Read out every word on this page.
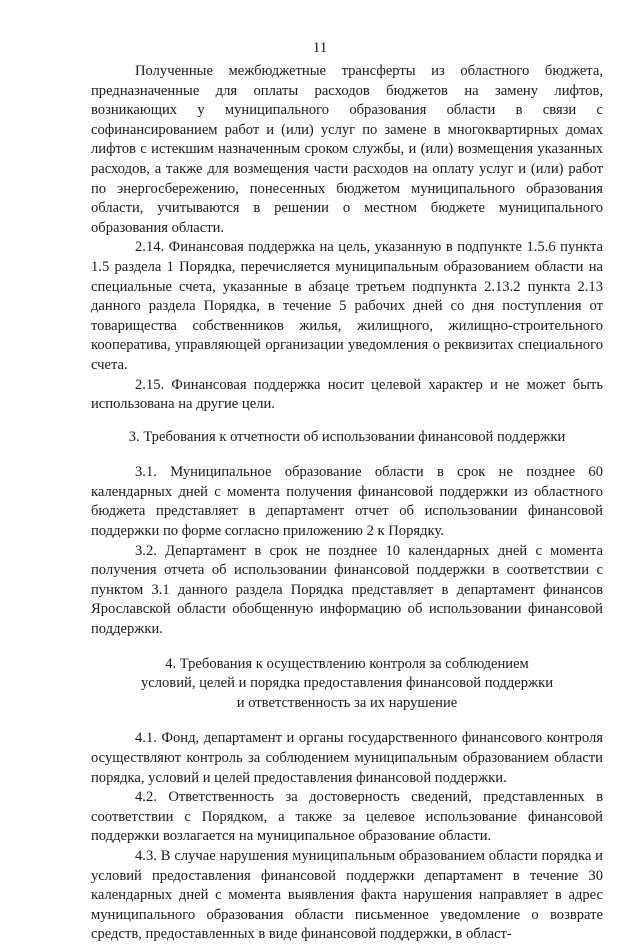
11

Полученные межбюджетные трансферты из областного бюджета, предназначенные для оплаты расходов бюджетов на замену лифтов, возникающих у муниципального образования области в связи с софинансированием работ и (или) услуг по замене в многоквартирных домах лифтов с истекшим назначенным сроком службы, и (или) возмещения указанных расходов, а также для возмещения части расходов на оплату услуг и (или) работ по энергосбережению, понесенных бюджетом муниципального образования области, учитываются в решении о местном бюджете муниципального образования области.

2.14. Финансовая поддержка на цель, указанную в подпункте 1.5.6 пункта 1.5 раздела 1 Порядка, перечисляется муниципальным образованием области на специальные счета, указанные в абзаце третьем подпункта 2.13.2 пункта 2.13 данного раздела Порядка, в течение 5 рабочих дней со дня поступления от товарищества собственников жилья, жилищного, жилищно-строительного кооператива, управляющей организации уведомления о реквизитах специального счета.

2.15. Финансовая поддержка носит целевой характер и не может быть использована на другие цели.

3. Требования к отчетности об использовании финансовой поддержки

3.1. Муниципальное образование области в срок не позднее 60 календарных дней с момента получения финансовой поддержки из областного бюджета представляет в департамент отчет об использовании финансовой поддержки по форме согласно приложению 2 к Порядку.

3.2. Департамент в срок не позднее 10 календарных дней с момента получения отчета об использовании финансовой поддержки в соответствии с пунктом 3.1 данного раздела Порядка представляет в департамент финансов Ярославской области обобщенную информацию об использовании финансовой поддержки.

4. Требования к осуществлению контроля за соблюдением
условий, целей и порядка предоставления финансовой поддержки
и ответственность за их нарушение

4.1. Фонд, департамент и органы государственного финансового контроля осуществляют контроль за соблюдением муниципальным образованием области порядка, условий и целей предоставления финансовой поддержки.

4.2. Ответственность за достоверность сведений, представленных в соответствии с Порядком, а также за целевое использование финансовой поддержки возлагается на муниципальное образование области.

4.3. В случае нарушения муниципальным образованием области порядка и условий предоставления финансовой поддержки департамент в течение 30 календарных дней с момента выявления факта нарушения направляет в адрес муниципального образования области письменное уведомление о возврате средств, предоставленных в виде финансовой поддержки, в област-
